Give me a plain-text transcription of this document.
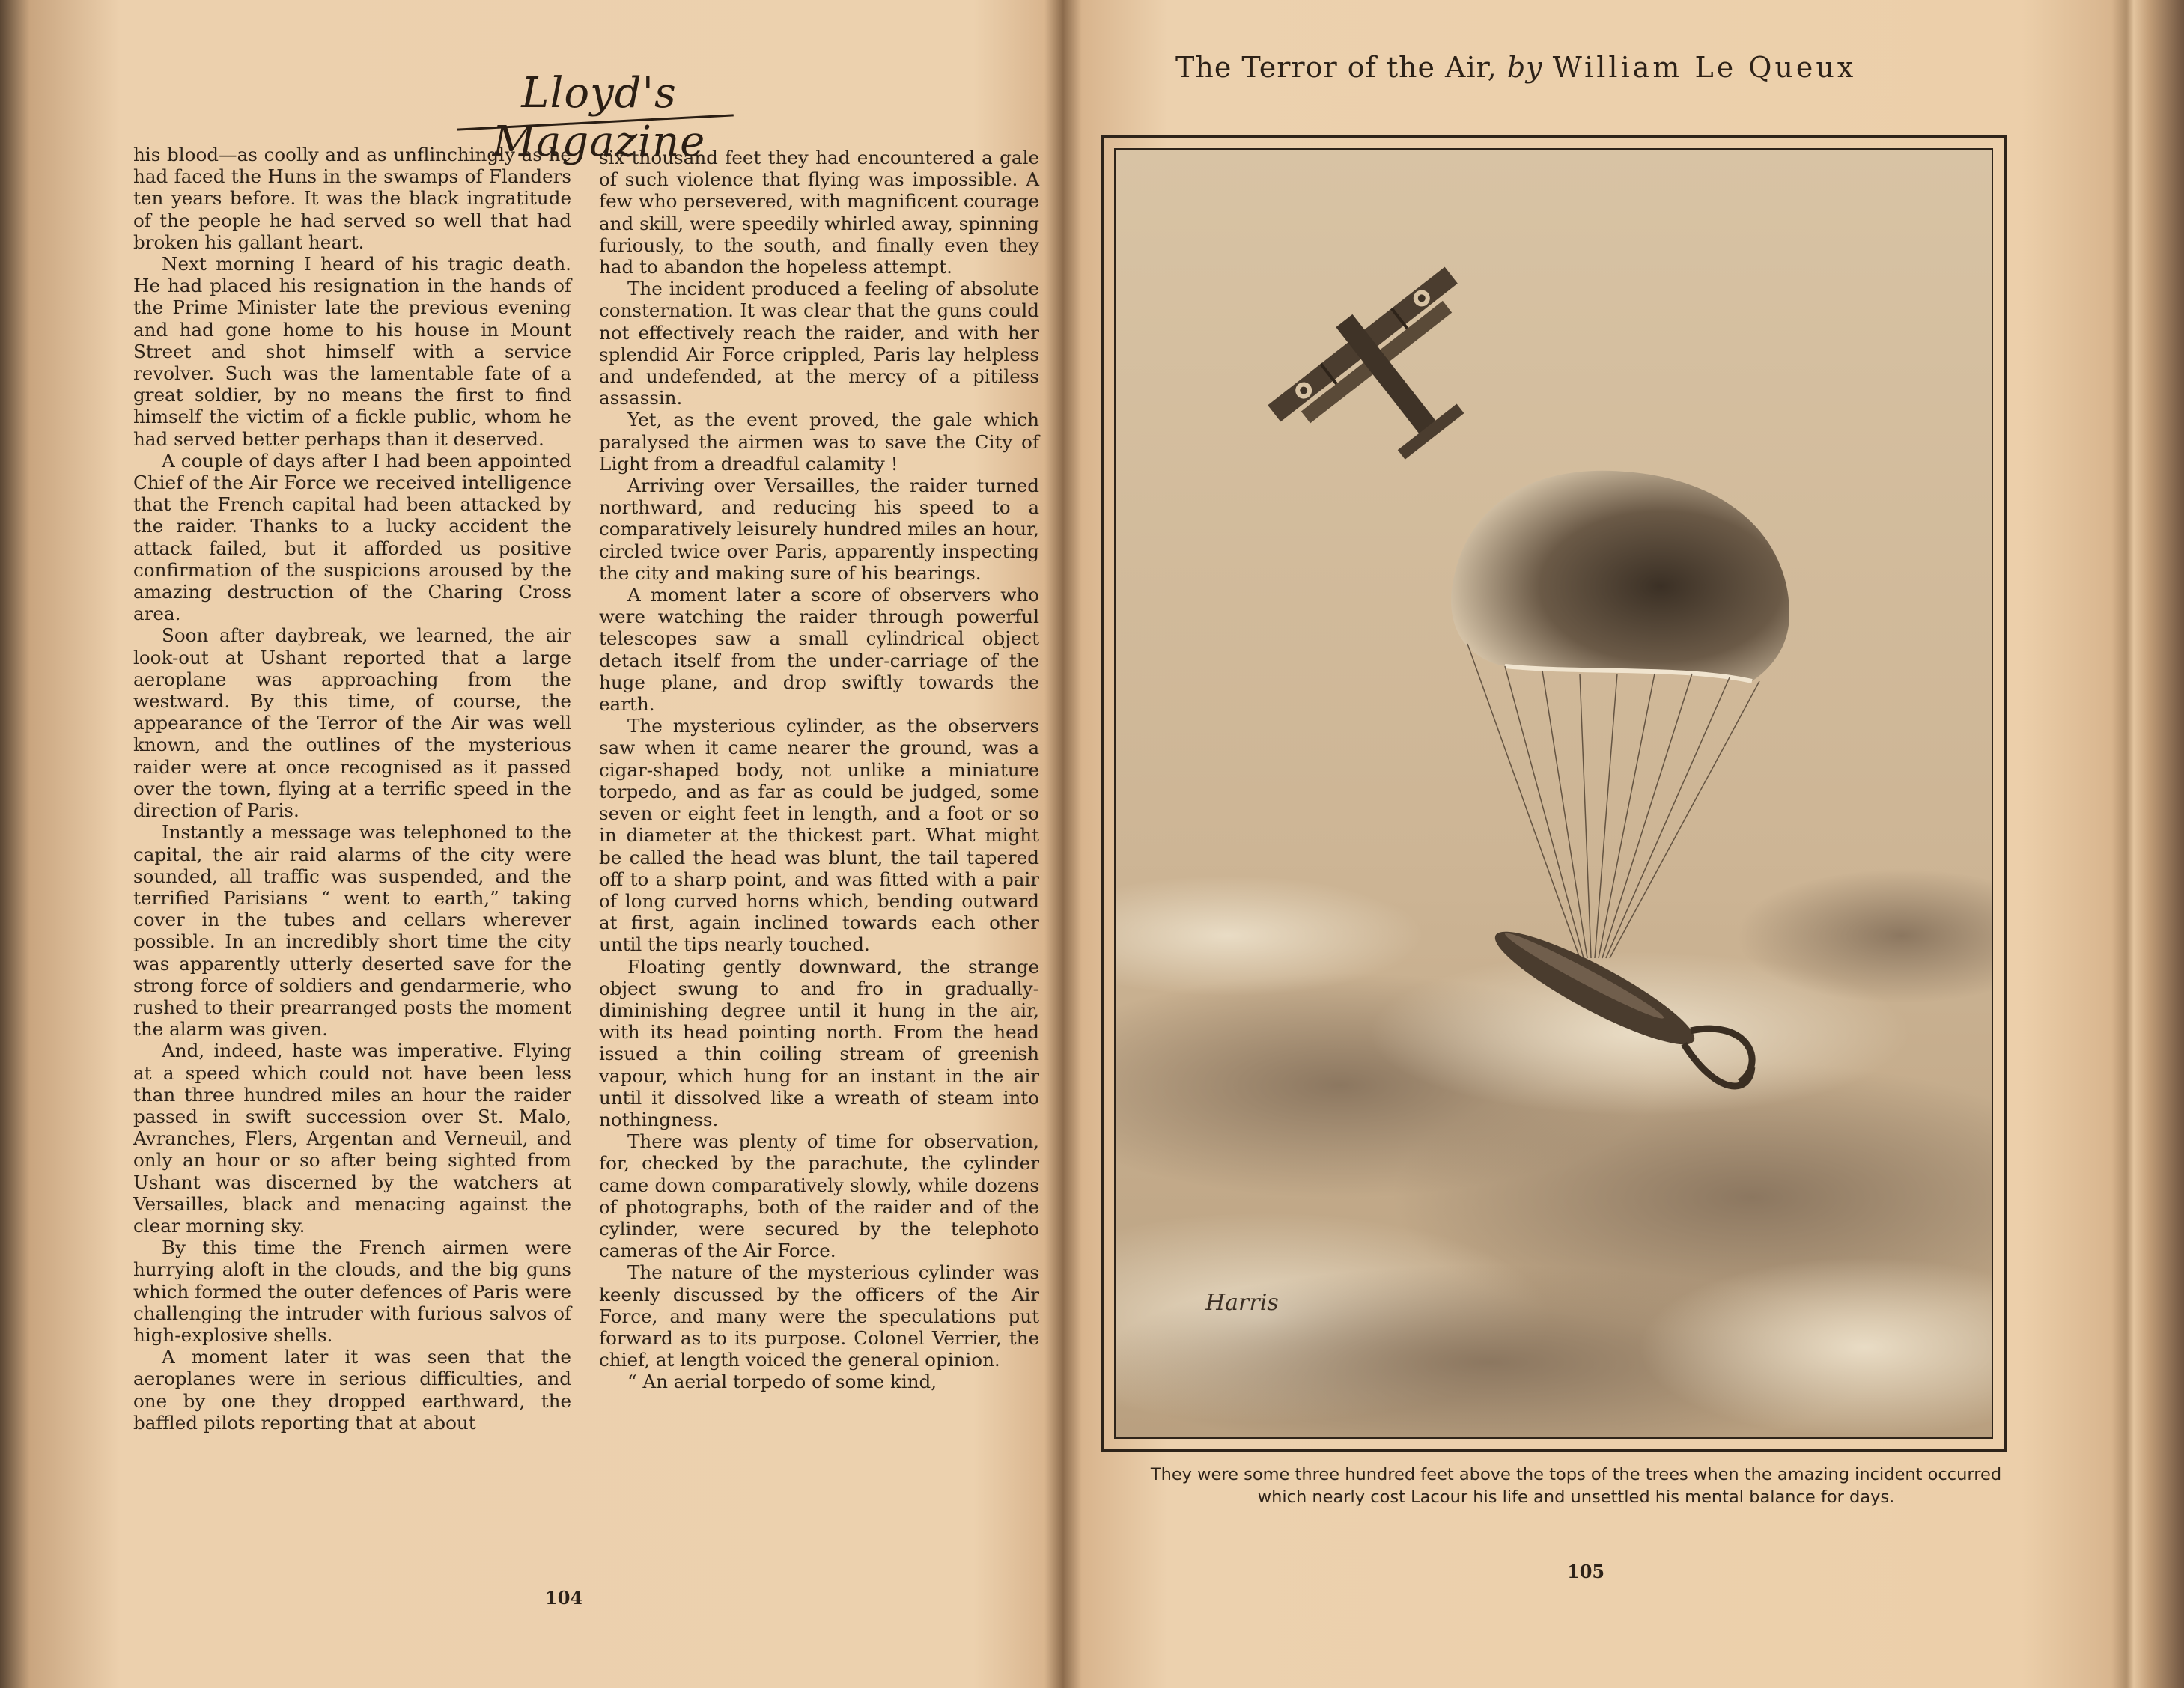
Lloyd's Magazine

his blood—as coolly and as unflinchingly as he had faced the Huns in the swamps of Flanders ten years before. It was the black ingratitude of the people he had served so well that had broken his gallant heart.

Next morning I heard of his tragic death. He had placed his resignation in the hands of the Prime Minister late the previous evening and had gone home to his house in Mount Street and shot himself with a service revolver. Such was the lamentable fate of a great soldier, by no means the first to find himself the victim of a fickle public, whom he had served better perhaps than it deserved.

A couple of days after I had been appointed Chief of the Air Force we received intelligence that the French capital had been attacked by the raider. Thanks to a lucky accident the attack failed, but it afforded us positive confirmation of the suspicions aroused by the amazing destruction of the Charing Cross area.

Soon after daybreak, we learned, the air look-out at Ushant reported that a large aeroplane was approaching from the westward. By this time, of course, the appearance of the Terror of the Air was well known, and the outlines of the mysterious raider were at once recognised as it passed over the town, flying at a terrific speed in the direction of Paris.

Instantly a message was telephoned to the capital, the air raid alarms of the city were sounded, all traffic was suspended, and the terrified Parisians “ went to earth,” taking cover in the tubes and cellars wherever possible. In an incredibly short time the city was apparently utterly deserted save for the strong force of soldiers and gendarmerie, who rushed to their prearranged posts the moment the alarm was given.

And, indeed, haste was imperative. Flying at a speed which could not have been less than three hundred miles an hour the raider passed in swift succession over St. Malo, Avranches, Flers, Argentan and Verneuil, and only an hour or so after being sighted from Ushant was discerned by the watchers at Versailles, black and menacing against the clear morning sky.

By this time the French airmen were hurrying aloft in the clouds, and the big guns which formed the outer defences of Paris were challenging the intruder with furious salvos of high-explosive shells.

A moment later it was seen that the aeroplanes were in serious difficulties, and one by one they dropped earthward, the baffled pilots reporting that at about

six thousand feet they had encountered a gale of such violence that flying was impossible. A few who persevered, with magnificent courage and skill, were speedily whirled away, spinning furiously, to the south, and finally even they had to abandon the hopeless attempt.

The incident produced a feeling of absolute consternation. It was clear that the guns could not effectively reach the raider, and with her splendid Air Force crippled, Paris lay helpless and undefended, at the mercy of a pitiless assassin.

Yet, as the event proved, the gale which paralysed the airmen was to save the City of Light from a dreadful calamity !

Arriving over Versailles, the raider turned northward, and reducing his speed to a comparatively leisurely hundred miles an hour, circled twice over Paris, apparently inspecting the city and making sure of his bearings.

A moment later a score of observers who were watching the raider through powerful telescopes saw a small cylindrical object detach itself from the under-carriage of the huge plane, and drop swiftly towards the earth.

The mysterious cylinder, as the observers saw when it came nearer the ground, was a cigar-shaped body, not unlike a miniature torpedo, and as far as could be judged, some seven or eight feet in length, and a foot or so in diameter at the thickest part. What might be called the head was blunt, the tail tapered off to a sharp point, and was fitted with a pair of long curved horns which, bending outward at first, again inclined towards each other until the tips nearly touched.

Floating gently downward, the strange object swung to and fro in gradually-diminishing degree until it hung in the air, with its head pointing north. From the head issued a thin coiling stream of greenish vapour, which hung for an instant in the air until it dissolved like a wreath of steam into nothingness.

There was plenty of time for observation, for, checked by the parachute, the cylinder came down comparatively slowly, while dozens of photographs, both of the raider and of the cylinder, were secured by the telephoto cameras of the Air Force.

The nature of the mysterious cylinder was keenly discussed by the officers of the Air Force, and many were the speculations put forward as to its purpose. Colonel Verrier, the chief, at length voiced the general opinion.

“ An aerial torpedo of some kind,

104
The Terror of the Air, by William Le Queux
Harris
They were some three hundred feet above the tops of the trees when the amazing incident occurred which nearly cost Lacour his life and unsettled his mental balance for days.
105
